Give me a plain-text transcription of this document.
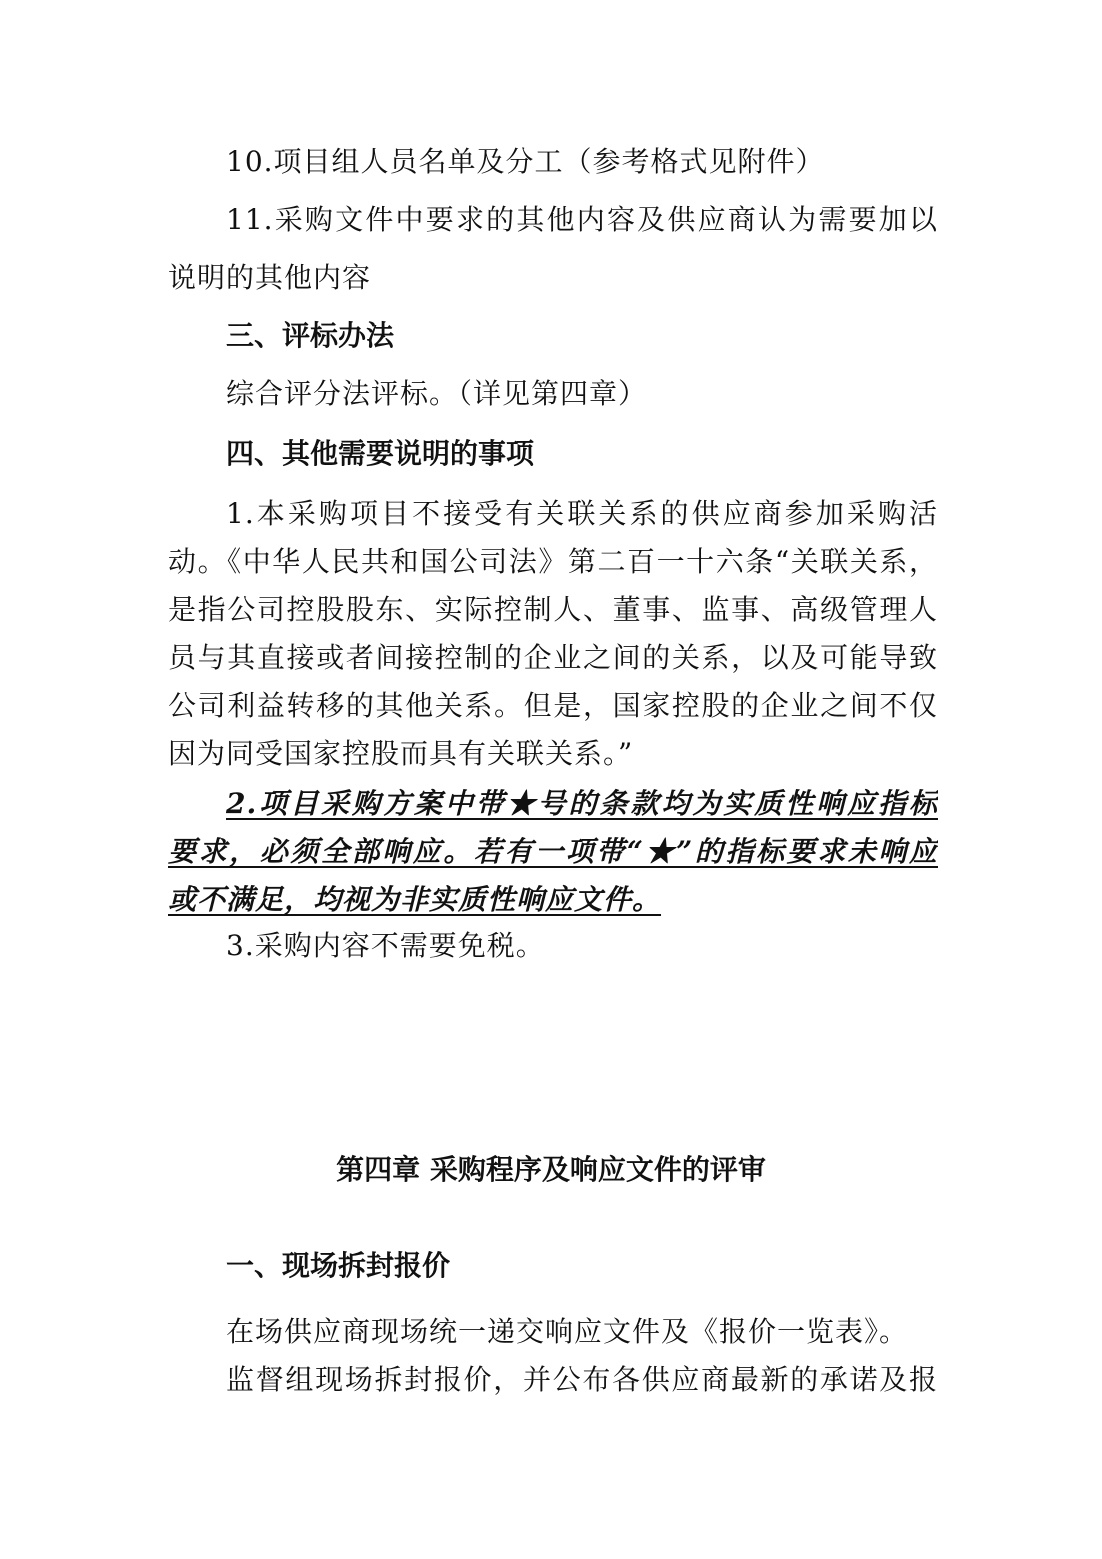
10.项目组人员名单及分工（参考格式见附件）
11.采购文件中要求的其他内容及供应商认为需要加以
说明的其他内容
三、评标办法
综合评分法评标。（详见第四章）
四、其他需要说明的事项
1.本采购项目不接受有关联关系的供应商参加采购活
动。《中华人民共和国公司法》第二百一十六条“关联关系，
是指公司控股股东、实际控制人、董事、监事、高级管理人
员与其直接或者间接控制的企业之间的关系，以及可能导致
公司利益转移的其他关系。但是，国家控股的企业之间不仅
因为同受国家控股而具有关联关系。”
2.项目采购方案中带★号的条款均为实质性响应指标
要求，必须全部响应。若有一项带“★”的指标要求未响应
或不满足，均视为非实质性响应文件。
3.采购内容不需要免税。
第四章 采购程序及响应文件的评审
一、现场拆封报价
在场供应商现场统一递交响应文件及《报价一览表》。
监督组现场拆封报价，并公布各供应商最新的承诺及报
